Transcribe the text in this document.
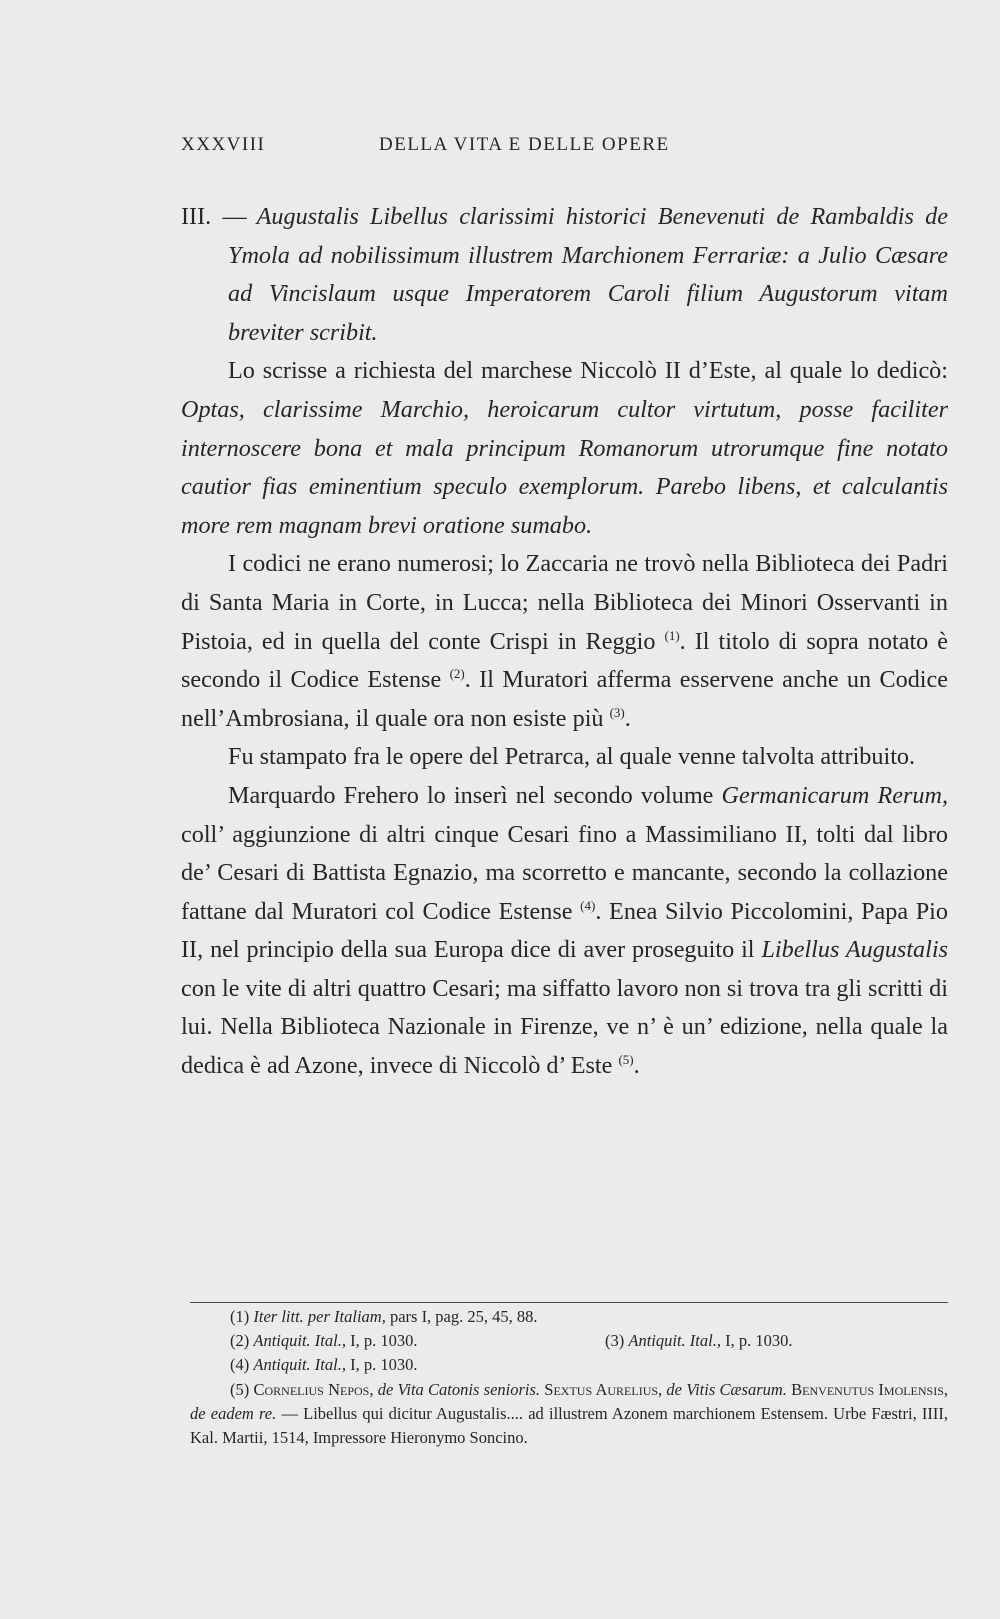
XXXVIII	DELLA VITA E DELLE OPERE

III. — Augustalis Libellus clarissimi historici Benevenuti de Rambaldis de Ymola ad nobilissimum illustrem Marchionem Ferrariæ: a Julio Cæsare ad Vincislaum usque Imperatorem Caroli filium Augustorum vitam breviter scribit.

Lo scrisse a richiesta del marchese Niccolò II d’Este, al quale lo dedicò: Optas, clarissime Marchio, heroicarum cultor virtutum, posse faciliter internoscere bona et mala principum Romanorum utrorumque fine notato cautior fias eminentium speculo exemplorum. Parebo libens, et calculantis more rem magnam brevi oratione sumabo.

I codici ne erano numerosi; lo Zaccaria ne trovò nella Biblioteca dei Padri di Santa Maria in Corte, in Lucca; nella Biblioteca dei Minori Osservanti in Pistoia, ed in quella del conte Crispi in Reggio $^{(1)}$. Il titolo di sopra notato è secondo il Codice Estense $^{(2)}$. Il Muratori afferma esservene anche un Codice nell’Ambrosiana, il quale ora non esiste più $^{(3)}$.

Fu stampato fra le opere del Petrarca, al quale venne talvolta attribuito.

Marquardo Frehero lo inserì nel secondo volume Germanicarum Rerum, coll’ aggiunzione di altri cinque Cesari fino a Massimiliano II, tolti dal libro de’ Cesari di Battista Egnazio, ma scorretto e mancante, secondo la collazione fattane dal Muratori col Codice Estense $^{(4)}$. Enea Silvio Piccolomini, Papa Pio II, nel principio della sua Europa dice di aver proseguito il Libellus Augustalis con le vite di altri quattro Cesari; ma siffatto lavoro non si trova tra gli scritti di lui. Nella Biblioteca Nazionale in Firenze, ve n’ è un’ edizione, nella quale la dedica è ad Azone, invece di Niccolò d’ Este $^{(5)}$.

(1) Iter litt. per Italiam, pars I, pag. 25, 45, 88.

(2) Antiquit. Ital., I, p. 1030.	(3) Antiquit. Ital., I, p. 1030.

(4) Antiquit. Ital., I, p. 1030.

(5) Cornelius Nepos, de Vita Catonis senioris. Sextus Aurelius, de Vitis Cæsarum. Benvenutus Imolensis, de eadem re. — Libellus qui dicitur Augustalis.... ad illustrem Azonem marchionem Estensem. Urbe Fæstri, IIII, Kal. Martii, 1514, Impressore Hieronymo Soncino.
